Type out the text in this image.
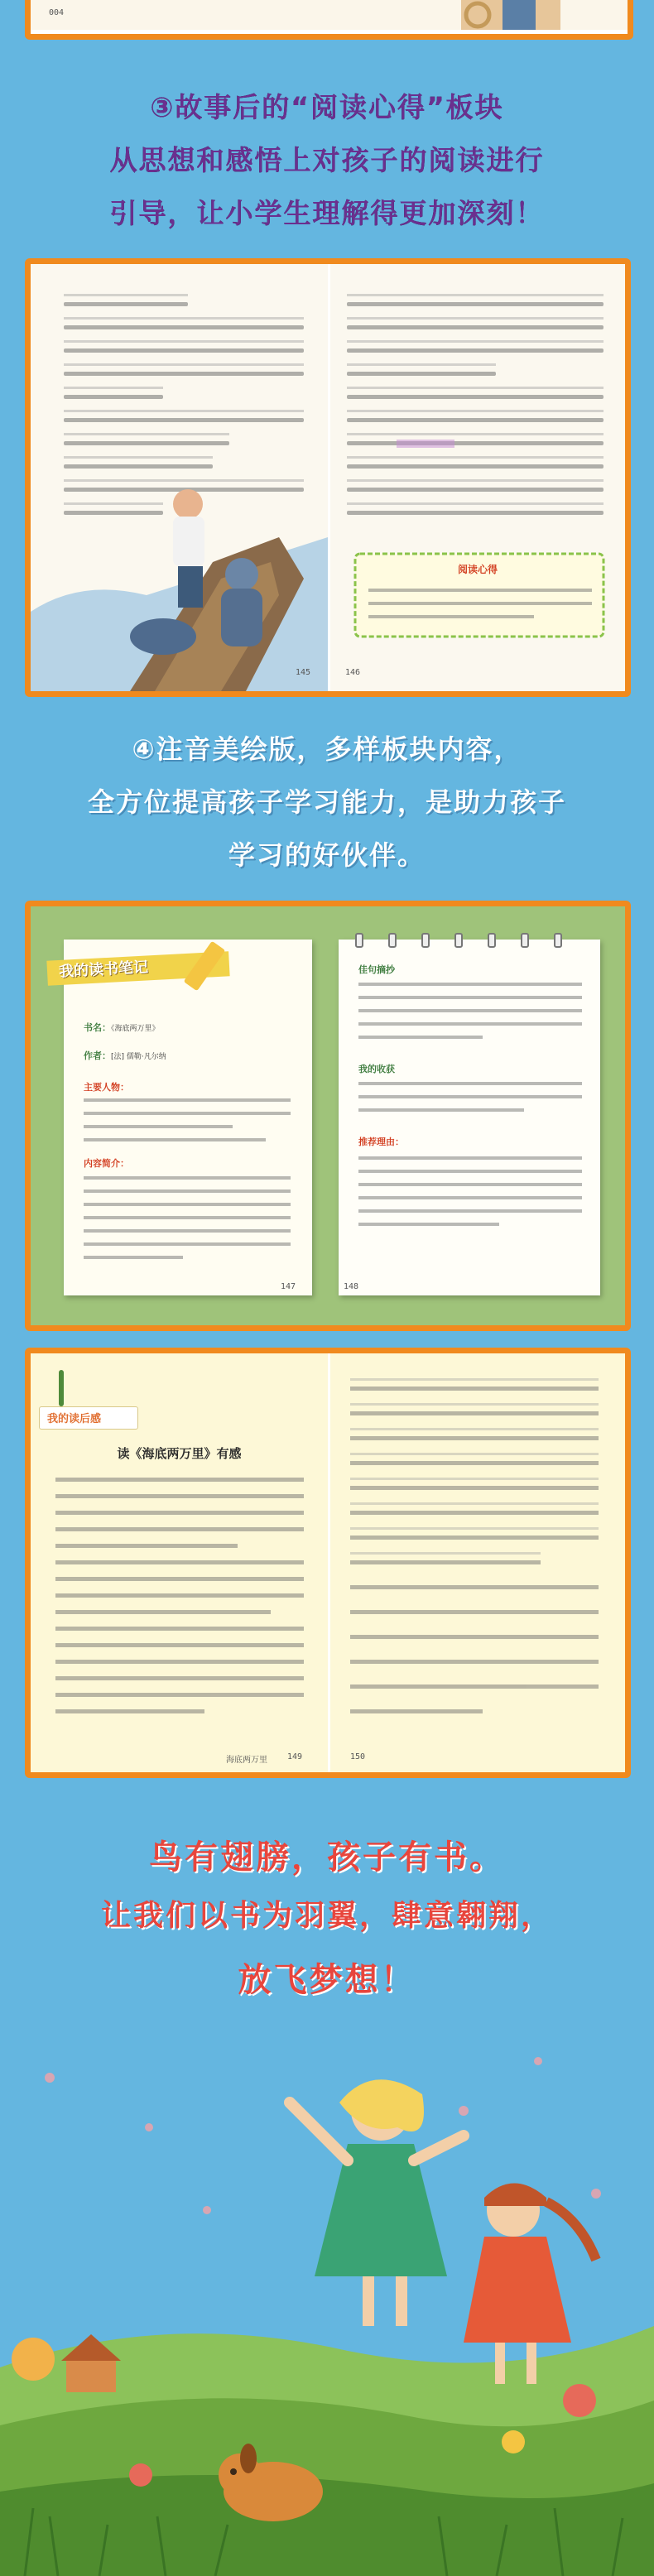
004
③故事后的“阅读心得”板块
从思想和感悟上对孩子的阅读进行
引导，让小学生理解得更加深刻！
145
阅读心得
146
④注音美绘版，多样板块内容，
全方位提高孩子学习能力，是助力孩子
学习的好伙伴。
我的读书笔记
书名：《海底两万里》
作者：[法] 儒勒·凡尔纳
主要人物：
内容简介：
147
佳句摘抄
我的收获
推荐理由：
148
我的读后感
读《海底两万里》有感
海底两万里 149	150
鸟有翅膀，孩子有书。
让我们以书为羽翼，肆意翱翔，
放飞梦想！
